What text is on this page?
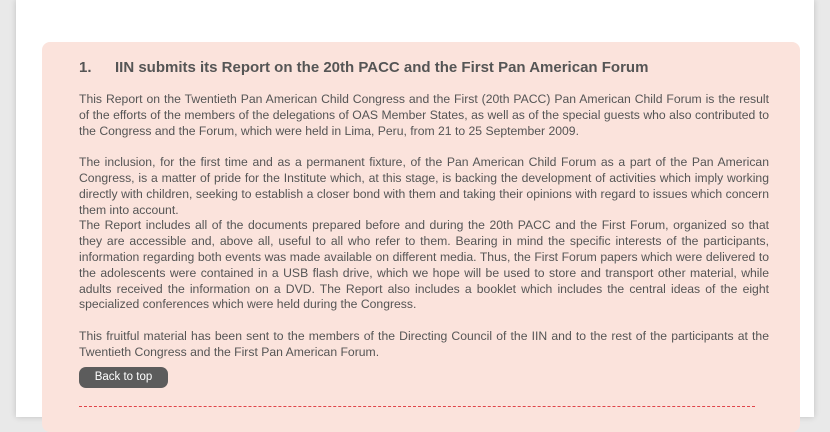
1. IIN submits its Report on the 20th PACC and the First Pan American Forum

This Report on the Twentieth Pan American Child Congress and the First (20th PACC) Pan American Child Forum is the result of the efforts of the members of the delegations of OAS Member States, as well as of the special guests who also contributed to the Congress and the Forum, which were held in Lima, Peru, from 21 to 25 September 2009.

The inclusion, for the first time and as a permanent fixture, of the Pan American Child Forum as a part of the Pan American Congress, is a matter of pride for the Institute which, at this stage, is backing the development of activities which imply working directly with children, seeking to establish a closer bond with them and taking their opinions with regard to issues which concern them into account.

The Report includes all of the documents prepared before and during the 20th PACC and the First Forum, organized so that they are accessible and, above all, useful to all who refer to them. Bearing in mind the specific interests of the participants, information regarding both events was made available on different media. Thus, the First Forum papers which were delivered to the adolescents were contained in a USB flash drive, which we hope will be used to store and transport other material, while adults received the information on a DVD. The Report also includes a booklet which includes the central ideas of the eight specialized conferences which were held during the Congress.

This fruitful material has been sent to the members of the Directing Council of the IIN and to the rest of the participants at the Twentieth Congress and the First Pan American Forum.

Back to top
